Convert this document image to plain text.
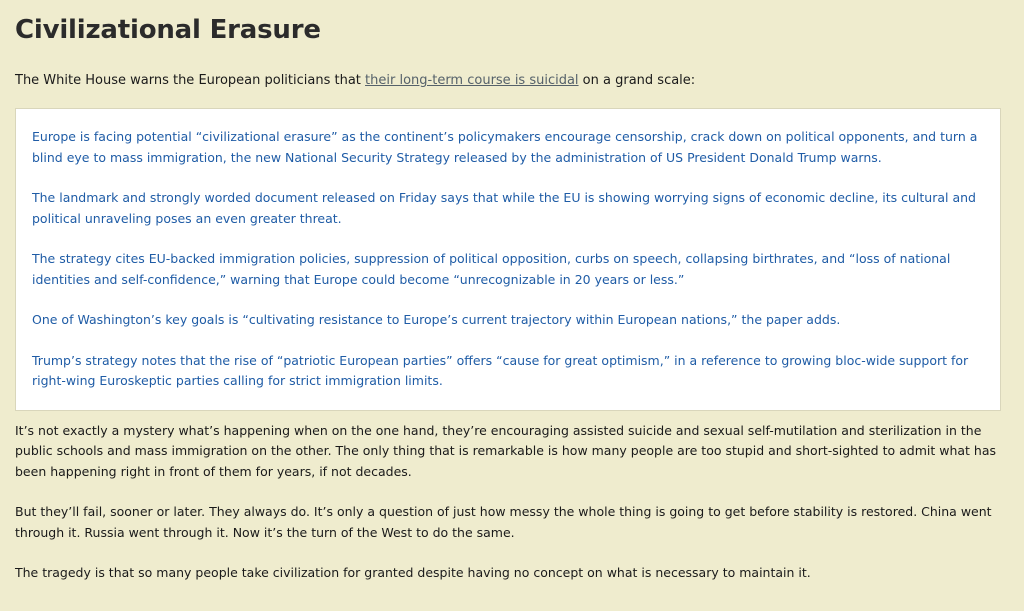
Civilizational Erasure

The White House warns the European politicians that their long-term course is suicidal on a grand scale:

Europe is facing potential “civilizational erasure” as the continent’s policymakers encourage censorship, crack down on political opponents, and turn a blind eye to mass immigration, the new National Security Strategy released by the administration of US President Donald Trump warns.

The landmark and strongly worded document released on Friday says that while the EU is showing worrying signs of economic decline, its cultural and political unraveling poses an even greater threat.

The strategy cites EU-backed immigration policies, suppression of political opposition, curbs on speech, collapsing birthrates, and “loss of national identities and self-confidence,” warning that Europe could become “unrecognizable in 20 years or less.”

One of Washington’s key goals is “cultivating resistance to Europe’s current trajectory within European nations,” the paper adds.

Trump’s strategy notes that the rise of “patriotic European parties” offers “cause for great optimism,” in a reference to growing bloc-wide support for right-wing Euroskeptic parties calling for strict immigration limits.

It’s not exactly a mystery what’s happening when on the one hand, they’re encouraging assisted suicide and sexual self-mutilation and sterilization in the public schools and mass immigration on the other. The only thing that is remarkable is how many people are too stupid and short-sighted to admit what has been happening right in front of them for years, if not decades.

But they’ll fail, sooner or later. They always do. It’s only a question of just how messy the whole thing is going to get before stability is restored. China went through it. Russia went through it. Now it’s the turn of the West to do the same.

The tragedy is that so many people take civilization for granted despite having no concept on what is necessary to maintain it.
